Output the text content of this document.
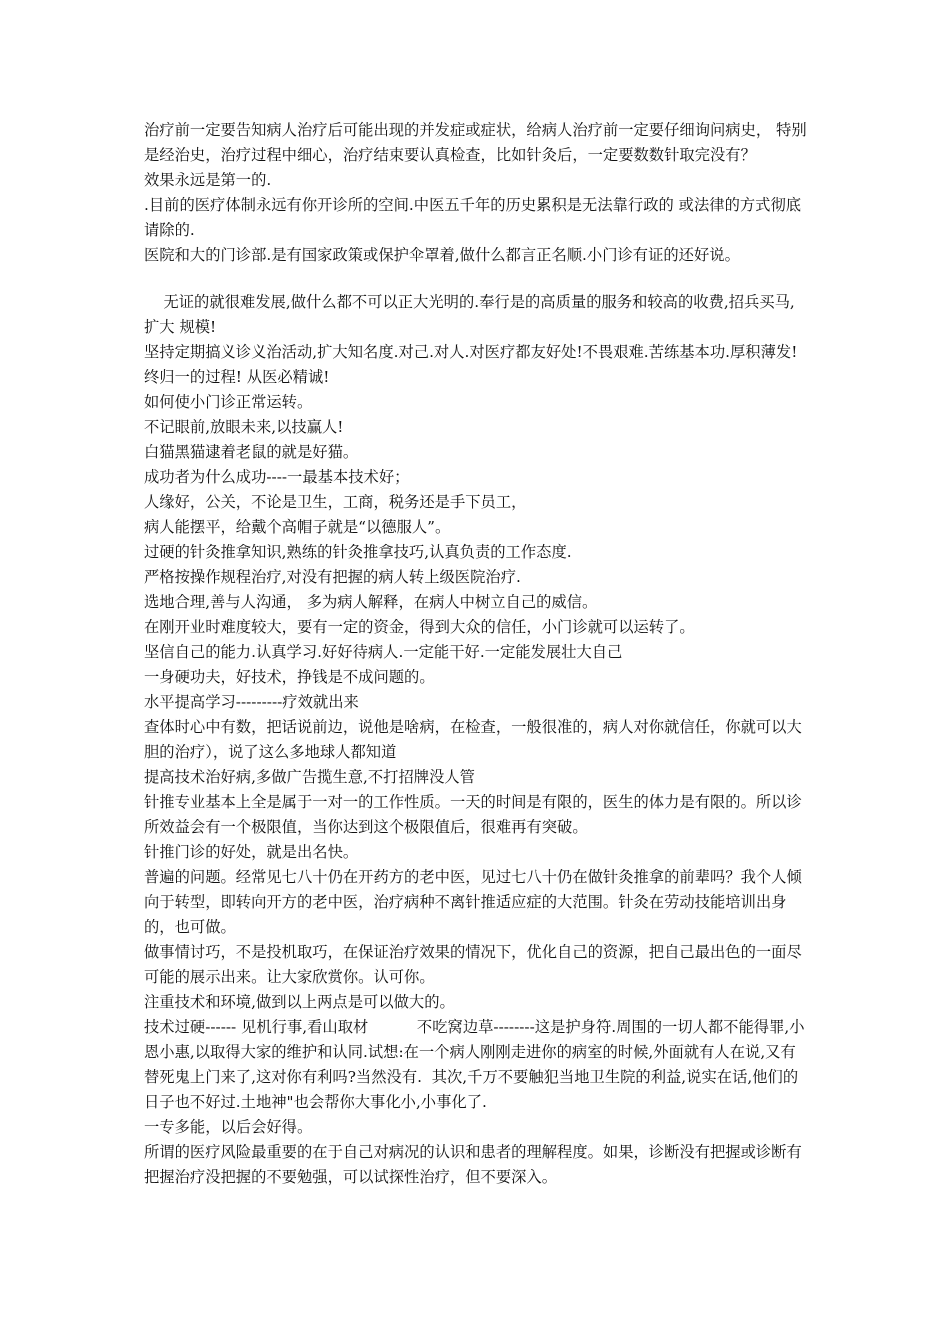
治疗前一定要告知病人治疗后可能出现的并发症或症状，给病人治疗前一定要仔细询问病史， 特别是经治史，治疗过程中细心，治疗结束要认真检查，比如针灸后，一定要数数针取完没有？

效果永远是第一的.

.目前的医疗体制永远有你开诊所的空间.中医五千年的历史累积是无法靠行政的 或法律的方式彻底请除的.

医院和大的门诊部.是有国家政策或保护伞罩着,做什么都言正名顺.小门诊有证的还好说。

无证的就很难发展,做什么都不可以正大光明的.奉行是的高质量的服务和较高的收费,招兵买马,扩大 规模!

坚持定期搞义诊义治活动,扩大知名度.对己.对人.对医疗都友好处!不畏艰难.苦练基本功.厚积薄发!终归一的过程! 从医必精诚!

如何使小门诊正常运转。

不记眼前,放眼未来,以技赢人!

白猫黑猫逮着老鼠的就是好猫。

成功者为什么成功----一最基本技术好；

人缘好，公关，不论是卫生，工商，税务还是手下员工，

病人能摆平，给戴个高帽子就是“以德服人”。

过硬的针灸推拿知识,熟练的针灸推拿技巧,认真负责的工作态度.

严格按操作规程治疗,对没有把握的病人转上级医院治疗.

选地合理,善与人沟通， 多为病人解释，在病人中树立自己的威信。

在刚开业时难度较大，要有一定的资金，得到大众的信任，小门诊就可以运转了。

坚信自己的能力.认真学习.好好待病人.一定能干好.一定能发展壮大自己

一身硬功夫，好技术，挣钱是不成问题的。

水平提高学习---------疗效就出来

查体时心中有数，把话说前边，说他是啥病，在检查，一般很准的，病人对你就信任，你就可以大胆的治疗），说了这么多地球人都知道

提高技术治好病,多做广告揽生意,不打招牌没人管

针推专业基本上全是属于一对一的工作性质。一天的时间是有限的，医生的体力是有限的。所以诊所效益会有一个极限值，当你达到这个极限值后，很难再有突破。

针推门诊的好处，就是出名快。

普遍的问题。经常见七八十仍在开药方的老中医，见过七八十仍在做针灸推拿的前辈吗？我个人倾向于转型，即转向开方的老中医，治疗病种不离针推适应症的大范围。针灸在劳动技能培训出身的，也可做。

做事情讨巧，不是投机取巧，在保证治疗效果的情况下，优化自己的资源，把自己最出色的一面尽可能的展示出来。让大家欣赏你。认可你。

注重技术和环境,做到以上两点是可以做大的。

技术过硬------ 见机行事,看山取材          不吃窝边草--------这是护身符.周围的一切人都不能得罪,小恩小惠,以取得大家的维护和认同.试想:在一个病人刚刚走进你的病室的时候,外面就有人在说,又有替死鬼上门来了,这对你有利吗?当然没有.  其次,千万不要触犯当地卫生院的利益,说实在话,他们的日子也不好过.土地神"也会帮你大事化小,小事化了.

一专多能，以后会好得。

所谓的医疗风险最重要的在于自己对病况的认识和患者的理解程度。如果，诊断没有把握或诊断有把握治疗没把握的不要勉强，可以试探性治疗，但不要深入。
